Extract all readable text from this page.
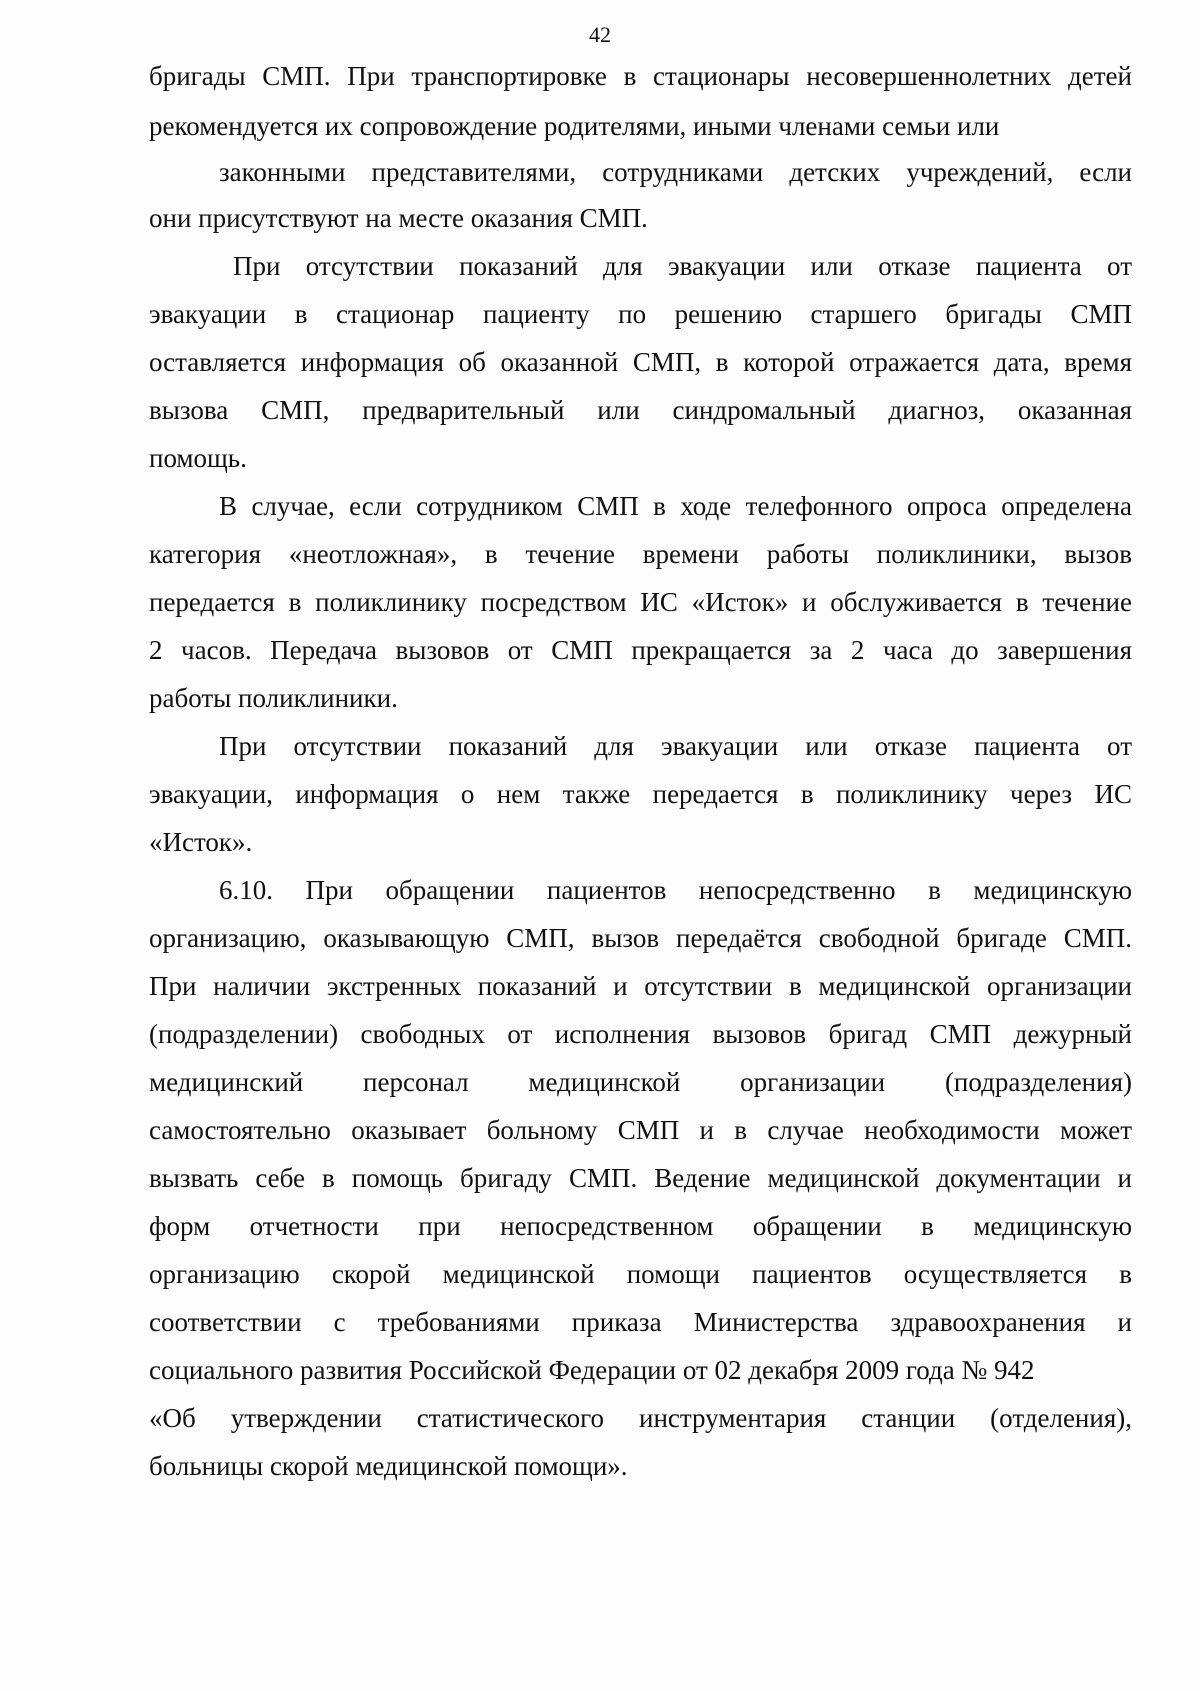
42
бригады СМП. При транспортировке в стационары несовершеннолетних детей
рекомендуется их сопровождение родителями, иными членами семьи или
законными представителями, сотрудниками детских учреждений, если
они присутствуют на месте оказания СМП.
При отсутствии показаний для эвакуации или отказе пациента от
эвакуации в стационар пациенту по решению старшего бригады СМП
оставляется информация об оказанной СМП, в которой отражается дата, время
вызова СМП, предварительный или синдромальный диагноз, оказанная
помощь.
В случае, если сотрудником СМП в ходе телефонного опроса определена
категория «неотложная», в течение времени работы поликлиники, вызов
передается в поликлинику посредством ИС «Исток» и обслуживается в течение
2 часов. Передача вызовов от СМП прекращается за 2 часа до завершения
работы поликлиники.
При отсутствии показаний для эвакуации или отказе пациента от
эвакуации, информация о нем также передается в поликлинику через ИС
«Исток».
6.10. При обращении пациентов непосредственно в медицинскую
организацию, оказывающую СМП, вызов передаётся свободной бригаде СМП.
При наличии экстренных показаний и отсутствии в медицинской организации
(подразделении) свободных от исполнения вызовов бригад СМП дежурный
медицинский персонал медицинской организации (подразделения)
самостоятельно оказывает больному СМП и в случае необходимости может
вызвать себе в помощь бригаду СМП. Ведение медицинской документации и
форм отчетности при непосредственном обращении в медицинскую
организацию скорой медицинской помощи пациентов осуществляется в
соответствии с требованиями приказа Министерства здравоохранения и
социального развития Российской Федерации от 02 декабря 2009 года № 942
«Об утверждении статистического инструментария станции (отделения),
больницы скорой медицинской помощи».
